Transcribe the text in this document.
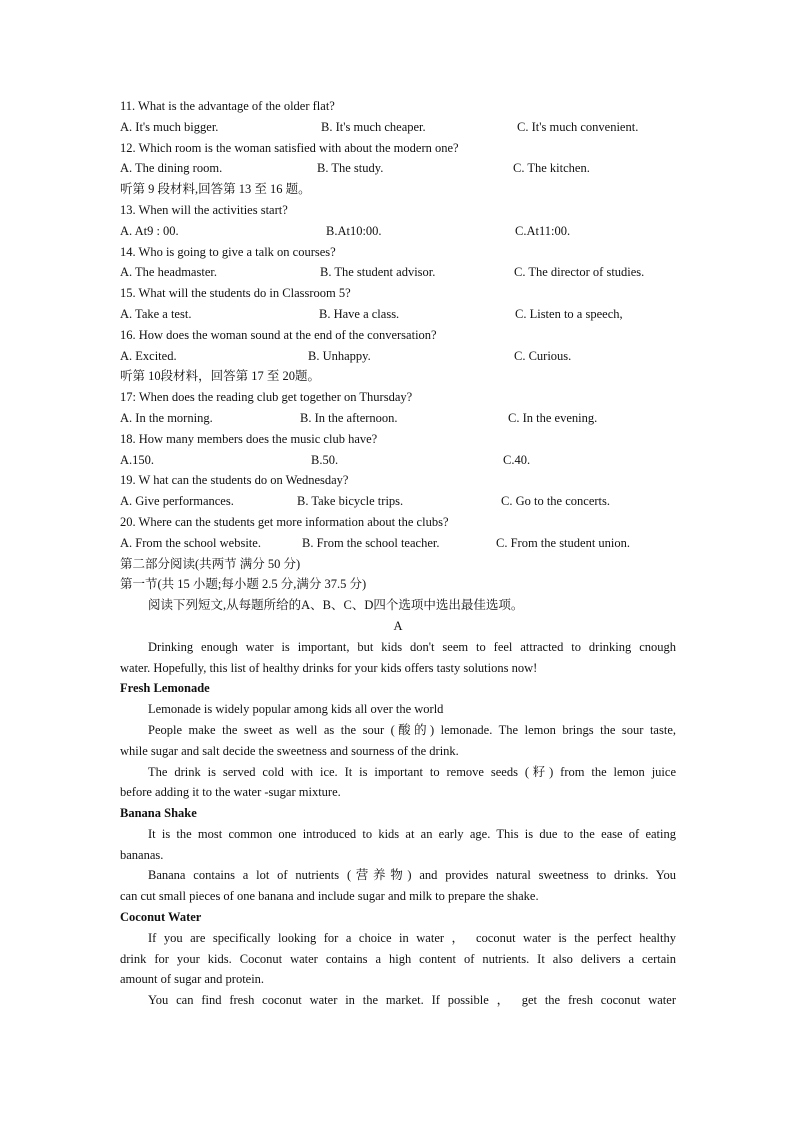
11. What is the advantage of the older flat?
A. It's much bigger.	B. It's much cheaper.	C. It's much convenient.
12. Which room is the woman satisfied with about the modern one?
A. The dining room.	B. The study.	C. The kitchen.
听第 9 段材料,回答第 13 至 16 题。
13. When will the activities start?
A. At9 : 00.	B.At10:00.	C.At11:00.
14. Who is going to give a talk on courses?
A. The headmaster.	B. The student advisor.	C. The director of studies.
15. What will the students do in Classroom 5?
A. Take a test.	B. Have a class.	C. Listen to a speech,
16. How does the woman sound at the end of the conversation?
A. Excited.	B. Unhappy.	C. Curious.
听第 10段材料，回答第 17 至 20题。
17: When does the reading club get together on Thursday?
A. In the morning.	B. In the afternoon.	C. In the evening.
18. How many members does the music club have?
A.150.	B.50.	C.40.
19. W hat can the students do on Wednesday?
A. Give performances.	B. Take bicycle trips.	C. Go to the concerts.
20. Where can the students get more information about the clubs?
A. From the school website.	B. From the school teacher.	C. From the student union.
第二部分阅读(共两节 满分 50 分)
第一节(共 15 小题;每小题 2.5 分,满分 37.5 分)
阅读下列短文,从每题所给的A、B、C、D四个选项中选出最佳选项。
A
Drinking enough water is important, but kids don't seem to feel attracted to drinking cnough
water. Hopefully, this list of healthy drinks for your kids offers tasty solutions now!
Fresh Lemonade
Lemonade is widely popular among kids all over the world
People make the sweet as well as the sour (酸的) lemonade. The lemon brings the sour taste,
while sugar and salt decide the sweetness and sourness of the drink.
The drink is served cold with ice. It is important to remove seeds (籽) from the lemon juice
before adding it to the water -sugar mixture.
Banana Shake
It is the most common one introduced to kids at an early age. This is due to the ease of eating
bananas.
Banana contains a lot of nutrients (营养物) and provides natural sweetness to drinks. You
can cut small pieces of one banana and include sugar and milk to prepare the shake.
Coconut Water
If you are specifically looking for a choice in water ， coconut water is the perfect healthy
drink for your kids. Coconut water contains a high content of nutrients. It also delivers a certain
amount of sugar and protein.
You can find fresh coconut water in the market. If possible ， get the fresh coconut water
